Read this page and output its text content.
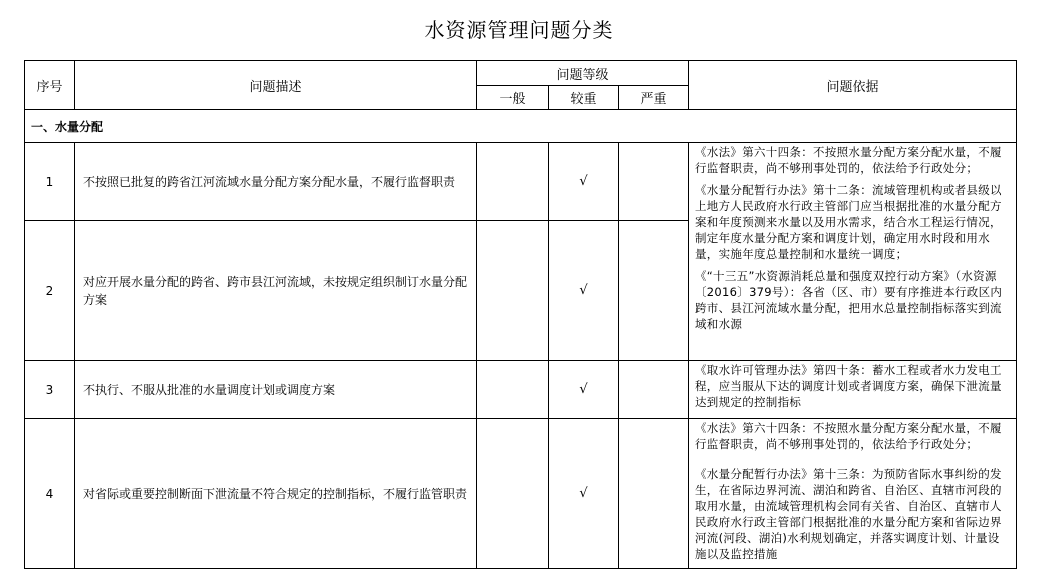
水资源管理问题分类
序号	问题描述	问题等级			问题依据
		一般	较重	严重	
一、水量分配					
1	不按照已批复的跨省江河流域水量分配方案分配水量，不履行监督职责		√		《水法》第六十四条：不按照水量分配方案分配水量，不履行监督职责，尚不够刑事处罚的，依法给予行政处分；

《水量分配暂行办法》第十二条：流域管理机构或者县级以上地方人民政府水行政主管部门应当根据批准的水量分配方案和年度预测来水量以及用水需求，结合水工程运行情况，制定年度水量分配方案和调度计划，确定用水时段和用水量，实施年度总量控制和水量统一调度；

《“十三五”水资源消耗总量和强度双控行动方案》（水资源〔2016〕379号）：各省（区、市）要有序推进本行政区内跨市、县江河流域水量分配，把用水总量控制指标落实到流域和水源

2	对应开展水量分配的跨省、跨市县江河流域，未按规定组织制订水量分配方案		√		
3	不执行、不服从批准的水量调度计划或调度方案		√		《取水许可管理办法》第四十条：蓄水工程或者水力发电工程，应当服从下达的调度计划或者调度方案，确保下泄流量达到规定的控制指标

4	对省际或重要控制断面下泄流量不符合规定的控制指标，不履行监管职责		√		《水法》第六十四条：不按照水量分配方案分配水量，不履行监督职责，尚不够刑事处罚的，依法给予行政处分；

《水量分配暂行办法》第十三条：为预防省际水事纠纷的发生，在省际边界河流、湖泊和跨省、自治区、直辖市河段的取用水量，由流域管理机构会同有关省、自治区、直辖市人民政府水行政主管部门根据批准的水量分配方案和省际边界河流(河段、湖泊)水利规划确定，并落实调度计划、计量设施以及监控措施
